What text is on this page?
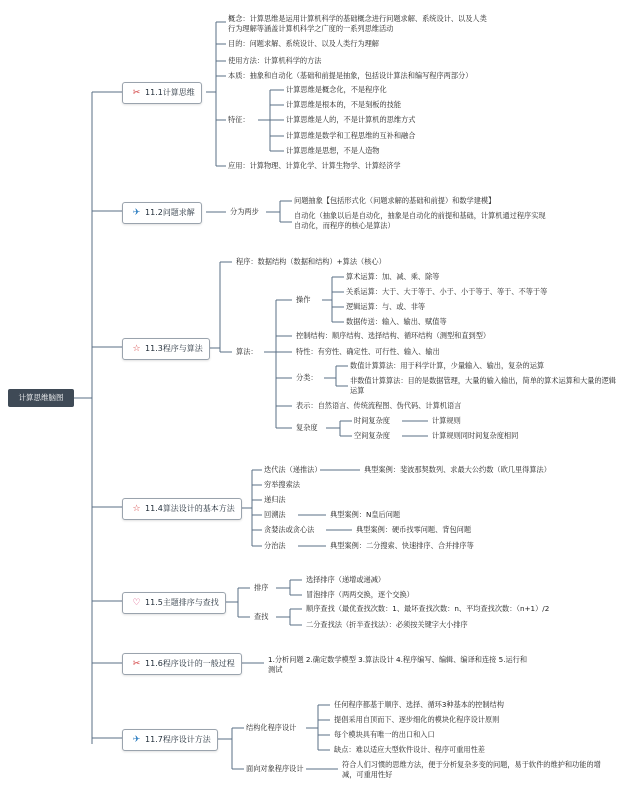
计算思维脑图
✂ 11.1计算思维
✈ 11.2问题求解
☆ 11.3程序与算法
☆ 11.4算法设计的基本方法
♡ 11.5主题排序与查找
✂ 11.6程序设计的一般过程
✈ 11.7程序设计方法
概念：计算思维是运用计算机科学的基础概念进行问题求解、系统设计、以及人类行为理解等涵盖计算机科学之广度的一系列思维活动
目的：问题求解、系统设计、以及人类行为理解
使用方法：计算机科学的方法
本质：抽象和自动化（基础和前提是抽象，包括设计算法和编写程序两部分）
特征：
计算思维是概念化，不是程序化
计算思维是根本的，不是刻板的技能
计算思维是人的，不是计算机的思维方式
计算思维是数学和工程思维的互补和融合
计算思维是思想，不是人造物
应用：计算物理、计算化学、计算生物学、计算经济学
分为两步
问题抽象【包括形式化（问题求解的基础和前提）和数学建模】
自动化（抽象以后是自动化，抽象是自动化的前提和基础，计算机通过程序实现自动化，而程序的核心是算法）
程序：数据结构（数据和结构）+算法（核心）
算法：
操作
算术运算：加、减、乘、除等
关系运算：大于、大于等于、小于、小于等于、等于、不等于等
逻辑运算：与、或、非等
数据传送：输入、输出、赋值等
控制结构：顺序结构、选择结构、循环结构（测型和直到型）
特性：有穷性、确定性、可行性、输入、输出
分类：
数值计算算法：用于科学计算，少量输入、输出，复杂的运算
非数值计算算法：目的是数据管理，大量的输入输出，简单的算术运算和大量的逻辑运算
表示：自然语言、传统流程图、伪代码、计算机语言
复杂度
时间复杂度	计算规则
空间复杂度	计算规则同时间复杂度相同
迭代法（递推法）	典型案例：斐波那契数列、求最大公约数（欧几里得算法）
穷举搜索法
递归法
回溯法	典型案例：N皇后问题
贪婪法或贪心法	典型案例：硬币找零问题、背包问题
分治法	典型案例：二分搜索、快速排序、合并排序等
排序
选择排序（递增或递减）
冒泡排序（两两交换，逐个交换）
查找
顺序查找（最优查找次数：1、最坏查找次数：n、平均查找次数：（n+1）/2
二分查找法（折半查找法）：必须按关键字大小排序
1.分析问题 2.确定数学模型 3.算法设计 4.程序编写、编辑、编译和连接 5.运行和测试
结构化程序设计
任何程序都基于顺序、选择、循环3种基本的控制结构
提倡采用自顶而下、逐步细化的模块化程序设计原则
每个模块具有唯一的出口和入口
缺点：难以适应大型软件设计、程序可重用性差
面向对象程序设计	符合人们习惯的思维方法，便于分析复杂多变的问题，易于软件的维护和功能的增减，可重用性好
